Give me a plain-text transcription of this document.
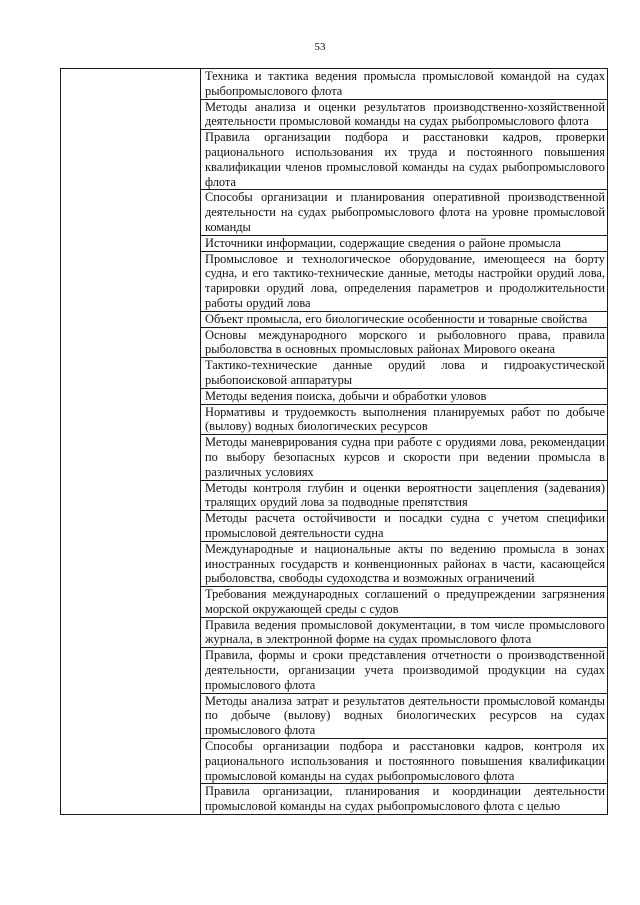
53

Техника и тактика ведения промысла промысловой командой на судах рыбопромыслового флота

Методы анализа и оценки результатов производственно-хозяйственной деятельности промысловой команды на судах рыбопромыслового флота

Правила организации подбора и расстановки кадров, проверки рационального использования их труда и постоянного повышения квалификации членов промысловой команды на судах рыбопромыслового флота

Способы организации и планирования оперативной производственной деятельности на судах рыбопромыслового флота на уровне промысловой команды

Источники информации, содержащие сведения о районе промысла

Промысловое и технологическое оборудование, имеющееся на борту судна, и его тактико-технические данные, методы настройки орудий лова, тарировки орудий лова, определения параметров и продолжительности работы орудий лова

Объект промысла, его биологические особенности и товарные свойства

Основы международного морского и рыболовного права, правила рыболовства в основных промысловых районах Мирового океана

Тактико-технические данные орудий лова и гидроакустической рыбопоисковой аппаратуры

Методы ведения поиска, добычи и обработки уловов

Нормативы и трудоемкость выполнения планируемых работ по добыче (вылову) водных биологических ресурсов

Методы маневрирования судна при работе с орудиями лова, рекомендации по выбору безопасных курсов и скорости при ведении промысла в различных условиях

Методы контроля глубин и оценки вероятности зацепления (задевания) тралящих орудий лова за подводные препятствия

Методы расчета остойчивости и посадки судна с учетом специфики промысловой деятельности судна

Международные и национальные акты по ведению промысла в зонах иностранных государств и конвенционных районах в части, касающейся рыболовства, свободы судоходства и возможных ограничений

Требования международных соглашений о предупреждении загрязнения морской окружающей среды с судов

Правила ведения промысловой документации, в том числе промыслового журнала, в электронной форме на судах промыслового флота

Правила, формы и сроки представления отчетности о производственной деятельности, организации учета производимой продукции на судах промыслового флота

Методы анализа затрат и результатов деятельности промысловой команды по добыче (вылову) водных биологических ресурсов на судах промыслового флота

Способы организации подбора и расстановки кадров, контроля их рационального использования и постоянного повышения квалификации промысловой команды на судах рыбопромыслового флота

Правила организации, планирования и координации деятельности промысловой команды на судах рыбопромыслового флота с целью
